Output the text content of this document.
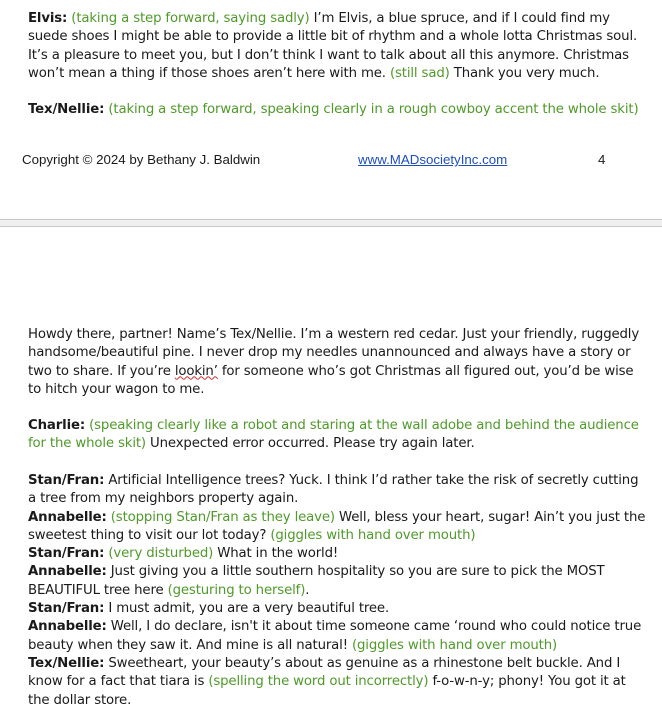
Elvis: (taking a step forward, saying sadly) I’m Elvis, a blue spruce, and if I could find my suede shoes I might be able to provide a little bit of rhythm and a whole lotta Christmas soul. It’s a pleasure to meet you, but I don’t think I want to talk about all this anymore. Christmas won’t mean a thing if those shoes aren’t here with me. (still sad) Thank you very much.

Tex/Nellie: (taking a step forward, speaking clearly in a rough cowboy accent the whole skit)

Copyright © 2024 by Bethany J. Baldwin	www.MADsocietyInc.com	4

Howdy there, partner! Name’s Tex/Nellie. I’m a western red cedar. Just your friendly, ruggedly handsome/beautiful pine. I never drop my needles unannounced and always have a story or two to share. If you’re lookin’ for someone who’s got Christmas all figured out, you’d be wise to hitch your wagon to me.

Charlie: (speaking clearly like a robot and staring at the wall adobe and behind the audience for the whole skit) Unexpected error occurred. Please try again later.

Stan/Fran: Artificial Intelligence trees? Yuck. I think I’d rather take the risk of secretly cutting a tree from my neighbors property again.

Annabelle: (stopping Stan/Fran as they leave) Well, bless your heart, sugar! Ain’t you just the sweetest thing to visit our lot today? (giggles with hand over mouth)

Stan/Fran: (very disturbed) What in the world!

Annabelle: Just giving you a little southern hospitality so you are sure to pick the MOST BEAUTIFUL tree here (gesturing to herself).

Stan/Fran: I must admit, you are a very beautiful tree.

Annabelle: Well, I do declare, isn't it about time someone came ‘round who could notice true beauty when they saw it. And mine is all natural! (giggles with hand over mouth)

Tex/Nellie: Sweetheart, your beauty’s about as genuine as a rhinestone belt buckle. And I know for a fact that tiara is (spelling the word out incorrectly) f-o-w-n-y; phony! You got it at the dollar store.
